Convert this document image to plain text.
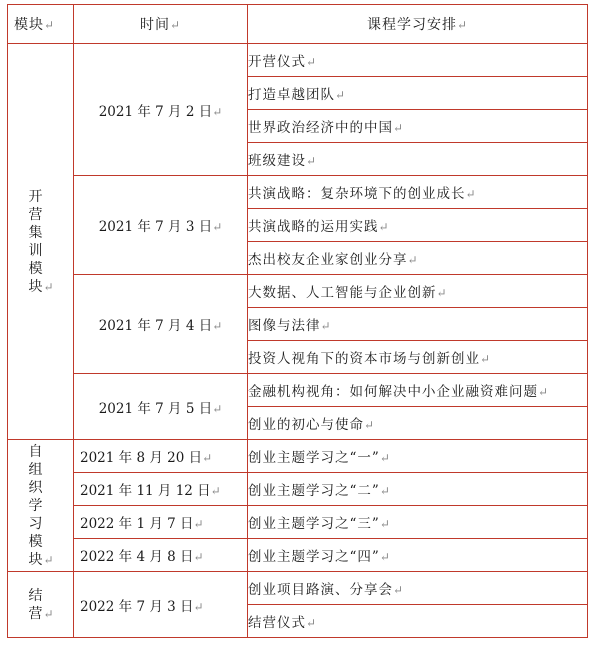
模块↵	时间↵	课程学习安排↵
开营集训模块↵	2021 年 7 月 2 日↵	开营仪式↵
		打造卓越团队↵
		世界政治经济中的中国↵
		班级建设↵
	2021 年 7 月 3 日↵	共演战略：复杂环境下的创业成长↵
		共演战略的运用实践↵
		杰出校友企业家创业分享↵
	2021 年 7 月 4 日↵	大数据、人工智能与企业创新↵
		图像与法律↵
		投资人视角下的资本市场与创新创业↵
	2021 年 7 月 5 日↵	金融机构视角：如何解决中小企业融资难问题↵
		创业的初心与使命↵
自组织学习模块↵	2021 年 8 月 20 日↵	创业主题学习之“一”↵
	2021 年 11 月 12 日↵	创业主题学习之“二”↵
	2022 年 1 月 7 日↵	创业主题学习之“三”↵
	2022 年 4 月 8 日↵	创业主题学习之“四”↵
结营↵	2022 年 7 月 3 日↵	创业项目路演、分享会↵
		结营仪式↵
